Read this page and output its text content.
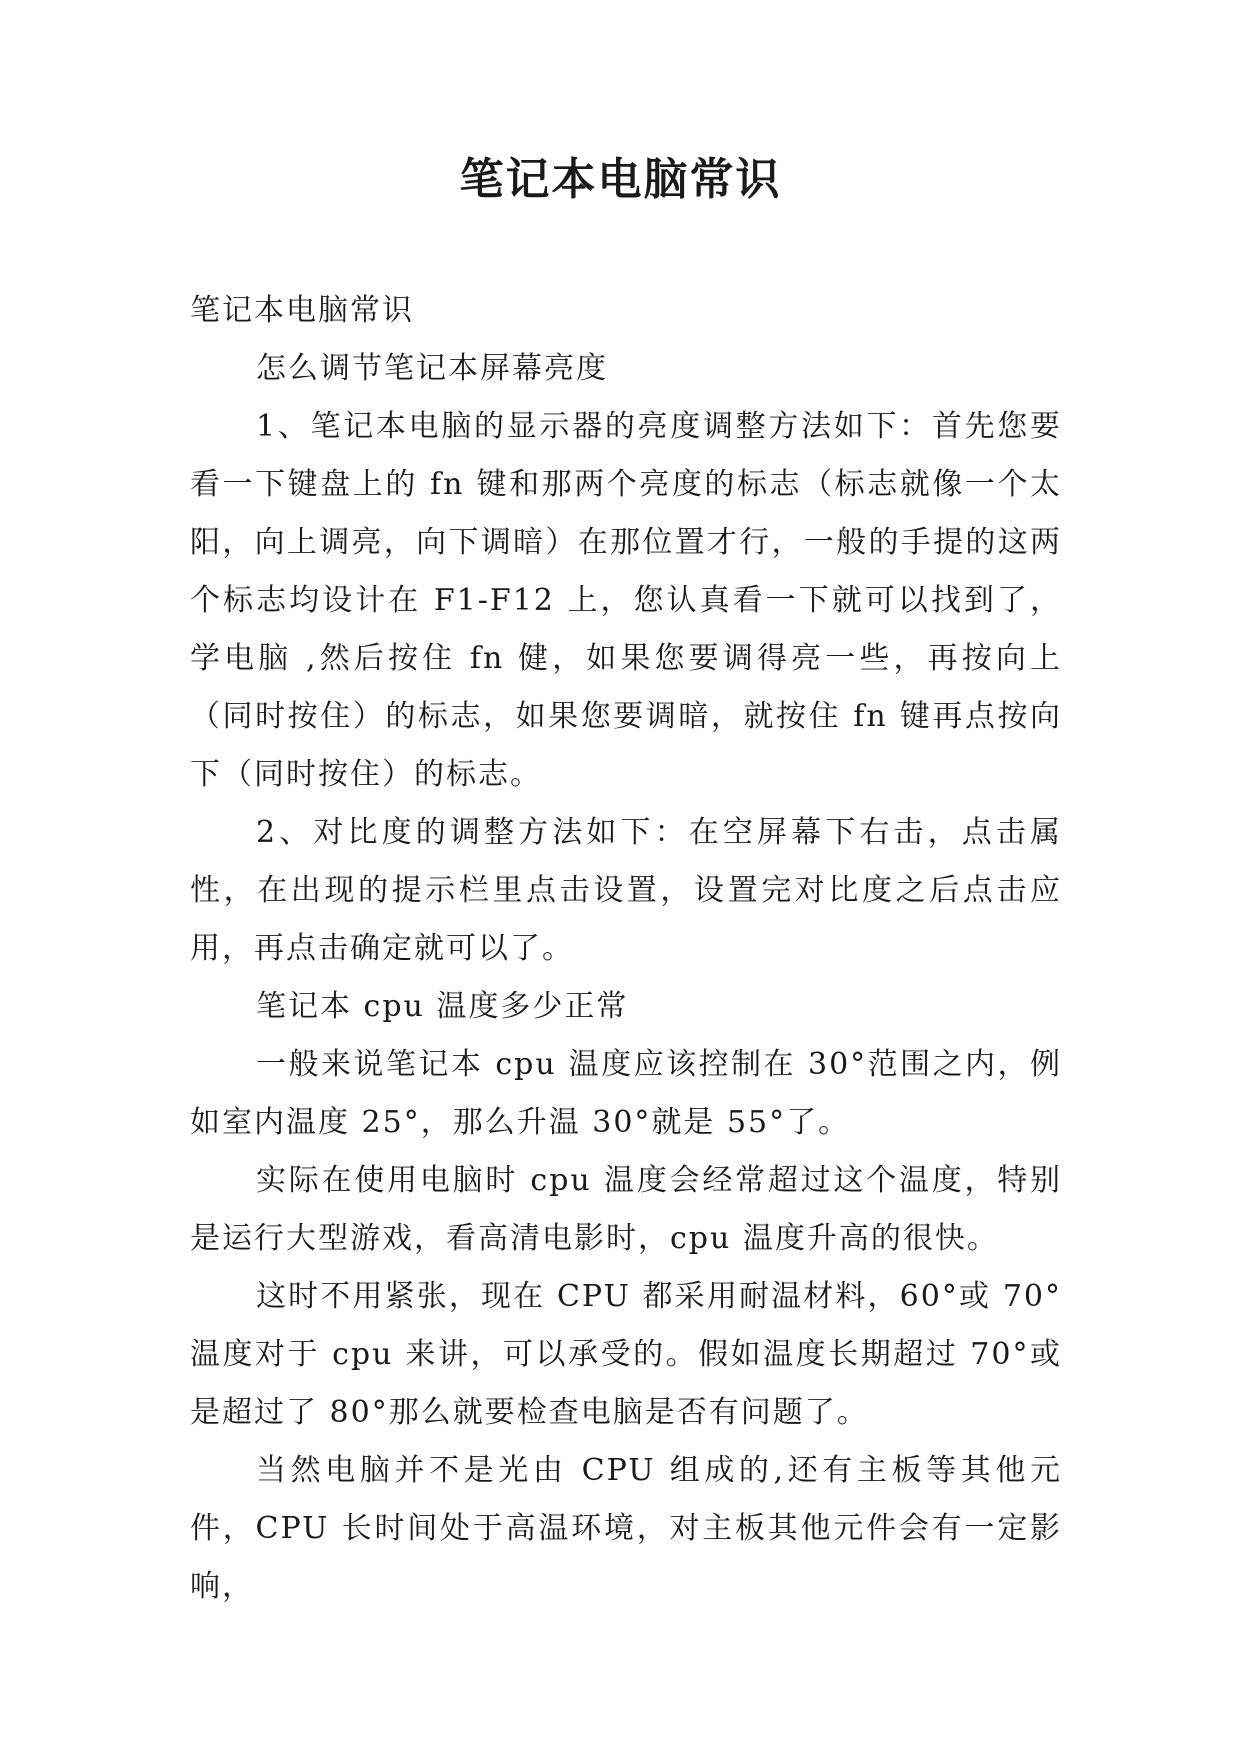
笔记本电脑常识

笔记本电脑常识

怎么调节笔记本屏幕亮度

1、笔记本电脑的显示器的亮度调整方法如下：首先您要看一下键盘上的 fn 键和那两个亮度的标志（标志就像一个太阳，向上调亮，向下调暗）在那位置才行，一般的手提的这两个标志均设计在 F1-F12 上，您认真看一下就可以找到了，学电脑 ,然后按住 fn 健，如果您要调得亮一些，再按向上（同时按住）的标志，如果您要调暗，就按住 fn 键再点按向下（同时按住）的标志。

2、对比度的调整方法如下：在空屏幕下右击，点击属性，在出现的提示栏里点击设置，设置完对比度之后点击应用，再点击确定就可以了。

笔记本 cpu 温度多少正常

一般来说笔记本 cpu 温度应该控制在 30°范围之内，例如室内温度 25°，那么升温 30°就是 55°了。

实际在使用电脑时 cpu 温度会经常超过这个温度，特别是运行大型游戏，看高清电影时，cpu 温度升高的很快。

这时不用紧张，现在 CPU 都采用耐温材料，60°或 70°温度对于 cpu 来讲，可以承受的。假如温度长期超过 70°或是超过了 80°那么就要检查电脑是否有问题了。

当然电脑并不是光由 CPU 组成的,还有主板等其他元件，CPU 长时间处于高温环境，对主板其他元件会有一定影响，
